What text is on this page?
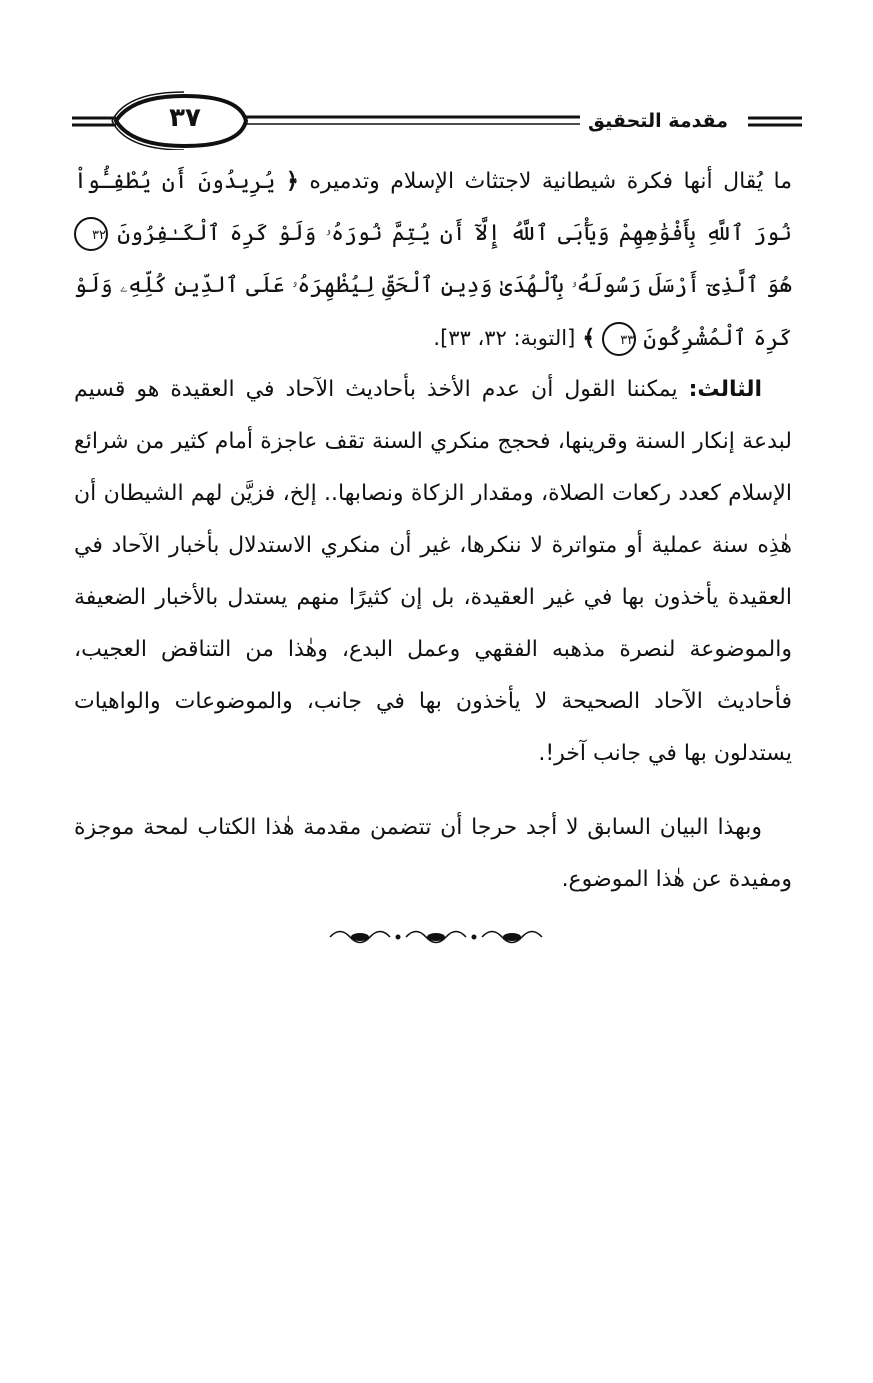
٣٧	مقدمة التحقيق
ما يُقال أنها فكرة شيطانية لاجتثاث الإسلام وتدميره ﴿ يُرِيدُونَ أَن يُطْفِـُٔواْ نُورَ ٱللَّهِ بِأَفْوَٰهِهِمْ وَيَأْبَى ٱللَّهُ إِلَّآ أَن يُتِمَّ نُورَهُۥ وَلَوْ كَرِهَ ٱلْكَـٰفِرُونَ ٣٢ هُوَ ٱلَّذِىٓ أَرْسَلَ رَسُولَهُۥ بِٱلْهُدَىٰ وَدِينِ ٱلْحَقِّ لِيُظْهِرَهُۥ عَلَى ٱلدِّينِ كُلِّهِۦ وَلَوْ كَرِهَ ٱلْمُشْرِكُونَ ٣٣ ﴾ [التوبة: ٣٢، ٣٣].
الثالث: يمكننا القول أن عدم الأخذ بأحاديث الآحاد في العقيدة هو قسيم لبدعة إنكار السنة وقرينها، فحجج منكري السنة تقف عاجزة أمام كثير من شرائع الإسلام كعدد ركعات الصلاة، ومقدار الزكاة ونصابها.. إلخ، فزيَّن لهم الشيطان أن هٰذِه سنة عملية أو متواترة لا ننكرها، غير أن منكري الاستدلال بأخبار الآحاد في العقيدة يأخذون بها في غير العقيدة، بل إن كثيرًا منهم يستدل بالأخبار الضعيفة والموضوعة لنصرة مذهبه الفقهي وعمل البدع، وهٰذا من التناقض العجيب، فأحاديث الآحاد الصحيحة لا يأخذون بها في جانب، والموضوعات والواهيات يستدلون بها في جانب آخر!.
وبهذا البيان السابق لا أجد حرجا أن تتضمن مقدمة هٰذا الكتاب لمحة موجزة ومفيدة عن هٰذا الموضوع.
